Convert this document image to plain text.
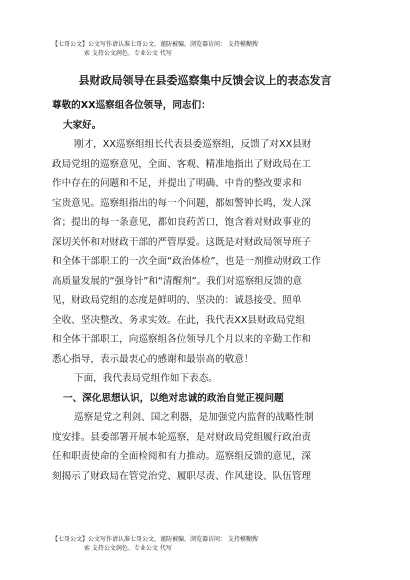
【七哥公文】公文写作请认准七哥公文、谨防被骗，浏览器访问： 支持模糊搜
索 支持公文润色、专业公文 代写
县财政局领导在县委巡察集中反馈会议上的表态发言

尊敬的XX巡察组各位领导，同志们：

大家好。

刚才，XX巡察组组长代表县委巡察组，反馈了对XX县财

政局党组的巡察意见，全面、客观、精准地指出了财政局在工

作中存在的问题和不足，并提出了明确、中肯的整改要求和

宝贵意见。巡察组指出的每一个问题，都如警钟长鸣，发人深

省；提出的每一条意见，都如良药苦口，饱含着对财政事业的

深切关怀和对财政干部的严管厚爱。这既是对财政局领导班子

和全体干部职工的一次全面“政治体检”，也是一剂推动财政工作

高质量发展的“强身针”和“清醒剂”。我们对巡察组反馈的意

见，财政局党组的态度是鲜明的、坚决的：诚恳接受、照单

全收、坚决整改、务求实效。在此，我代表XX县财政局党组

和全体干部职工，向巡察组各位领导几个月以来的辛勤工作和

悉心指导，表示最衷心的感谢和最崇高的敬意！

下面，我代表局党组作如下表态。

一、深化思想认识，以绝对忠诚的政治自觉正视问题

巡察是党之利剑、国之利器，是加强党内监督的战略性制

度安排。县委部署开展本轮巡察，是对财政局党组履行政治责

任和职责使命的全面检阅和有力推动。巡察组反馈的意见，深

刻揭示了财政局在管党治党、履职尽责、作风建设、队伍管理

【七哥公文】公文写作请认准七哥公文、谨防被骗，浏览器访问： 支持模糊搜
索 支持公文润色、专业公文 代写
